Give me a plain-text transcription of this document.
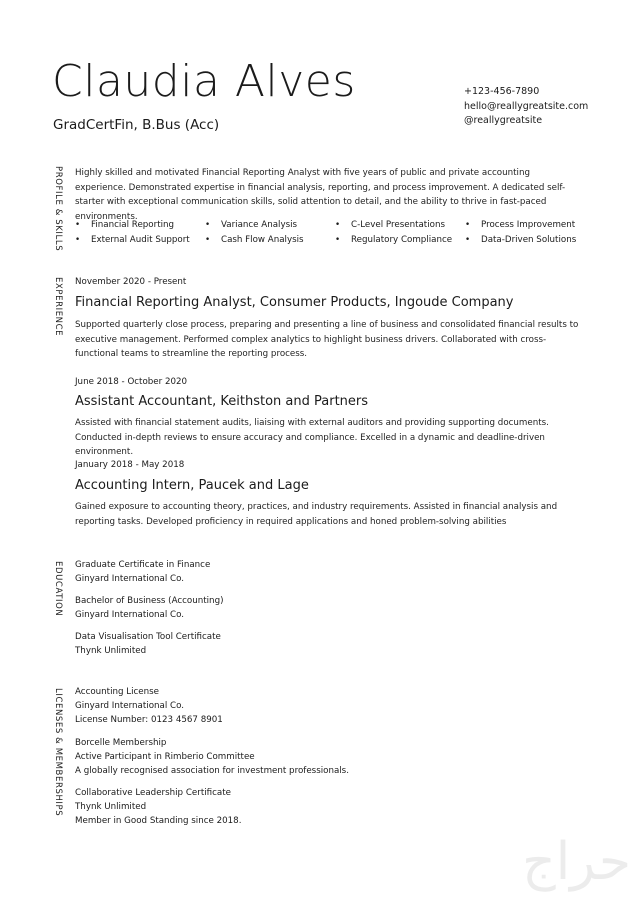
Claudia Alves
GradCertFin, B.Bus (Acc)
+123-456-7890
hello@reallygreatsite.com
@reallygreatsite
PROFILE & SKILLS Highly skilled and motivated Financial Reporting Analyst with five years of public and private accounting experience. Demonstrated expertise in financial analysis, reporting, and process improvement. A dedicated self-starter with exceptional communication skills, solid attention to detail, and the ability to thrive in fast-paced environments.
• Financial Reporting	• Variance Analysis	• C-Level Presentations	• Process Improvement
• External Audit Support	• Cash Flow Analysis	• Regulatory Compliance	• Data-Driven Solutions
EXPERIENCE November 2020 - Present
Financial Reporting Analyst, Consumer Products, Ingoude Company
Supported quarterly close process, preparing and presenting a line of business and consolidated financial results to executive management. Performed complex analytics to highlight business drivers. Collaborated with cross-functional teams to streamline the reporting process.
June 2018 - October 2020
Assistant Accountant, Keithston and Partners
Assisted with financial statement audits, liaising with external auditors and providing supporting documents. Conducted in-depth reviews to ensure accuracy and compliance. Excelled in a dynamic and deadline-driven environment.
January 2018 - May 2018
Accounting Intern, Paucek and Lage
Gained exposure to accounting theory, practices, and industry requirements. Assisted in financial analysis and reporting tasks. Developed proficiency in required applications and honed problem-solving abilities
EDUCATION Graduate Certificate in Finance
Ginyard International Co.
Bachelor of Business (Accounting)
Ginyard International Co.
Data Visualisation Tool Certificate
Thynk Unlimited
LICENSES & MEMBERSHIPS Accounting License
Ginyard International Co.
License Number: 0123 4567 8901
Borcelle Membership
Active Participant in Rimberio Committee
A globally recognised association for investment professionals.
Collaborative Leadership Certificate
Thynk Unlimited
Member in Good Standing since 2018.
حراج
